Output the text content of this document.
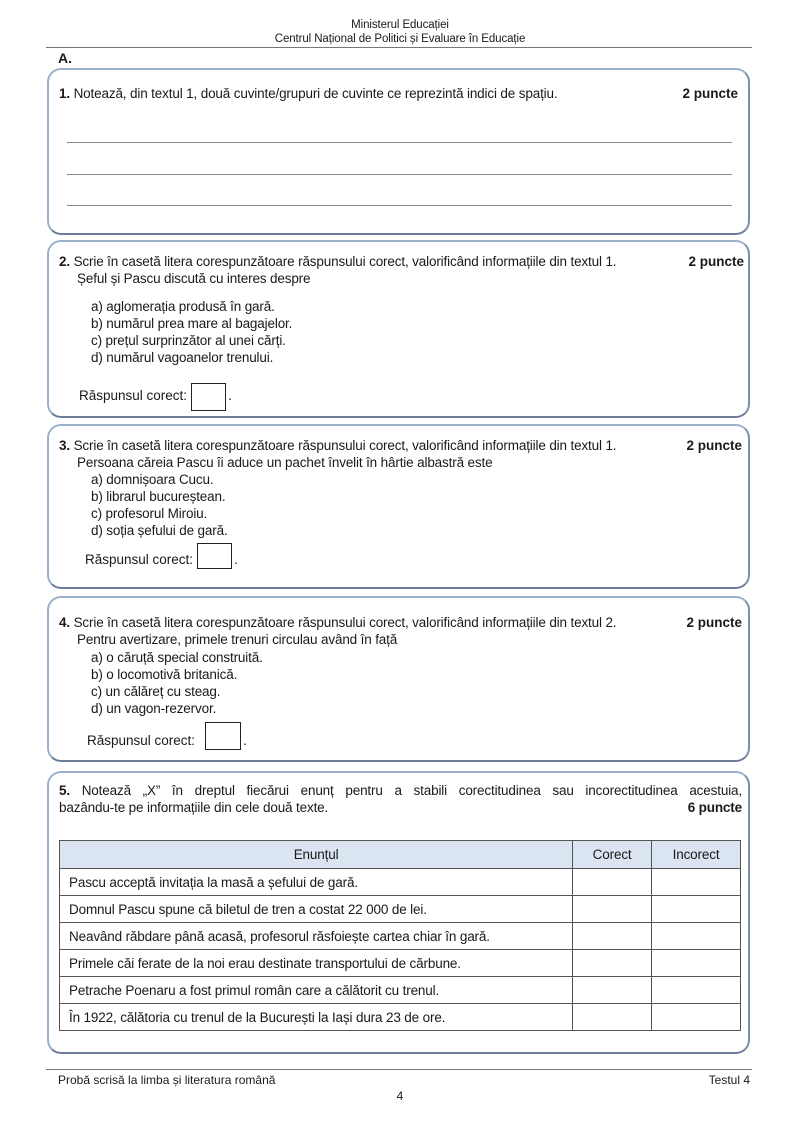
Ministerul Educației
Centrul Național de Politici și Evaluare în Educație
A.
1. Notează, din textul 1, două cuvinte/grupuri de cuvinte ce reprezintă indici de spațiu.	2 puncte
2. Scrie în casetă litera corespunzătoare răspunsului corect, valorificând informațiile din textul 1.
Șeful și Pascu discută cu interes despre
2 puncte
a) aglomerația produsă în gară.
b) numărul prea mare al bagajelor.
c) prețul surprinzător al unei cărți.
d) numărul vagoanelor trenului.
Răspunsul corect:	.
3. Scrie în casetă litera corespunzătoare răspunsului corect, valorificând informațiile din textul 1.
Persoana căreia Pascu îi aduce un pachet învelit în hârtie albastră este
2 puncte
a) domnișoara Cucu.
b) librarul bucureștean.
c) profesorul Miroiu.
d) soția șefului de gară.
Răspunsul corect:	.
4. Scrie în casetă litera corespunzătoare răspunsului corect, valorificând informațiile din textul 2.
Pentru avertizare, primele trenuri circulau având în față
2 puncte
a) o căruță special construită.
b) o locomotivă britanică.
c) un călăreț cu steag.
d) un vagon-rezervor.
Răspunsul corect:	.
5. Notează „X” în dreptul fiecărui enunț pentru a stabili corectitudinea sau incorectitudinea acestuia,
bazându-te pe informațiile din cele două texte.	6 puncte
Enunțul	Corect	Incorect
Pascu acceptă invitația la masă a șefului de gară.		
Domnul Pascu spune că biletul de tren a costat 22 000 de lei.		
Neavând răbdare până acasă, profesorul răsfoiește cartea chiar în gară.		
Primele căi ferate de la noi erau destinate transportului de cărbune.		
Petrache Poenaru a fost primul român care a călătorit cu trenul.		
În 1922, călătoria cu trenul de la București la Iași dura 23 de ore.		
Probă scrisă la limba și literatura română	Testul 4
4
